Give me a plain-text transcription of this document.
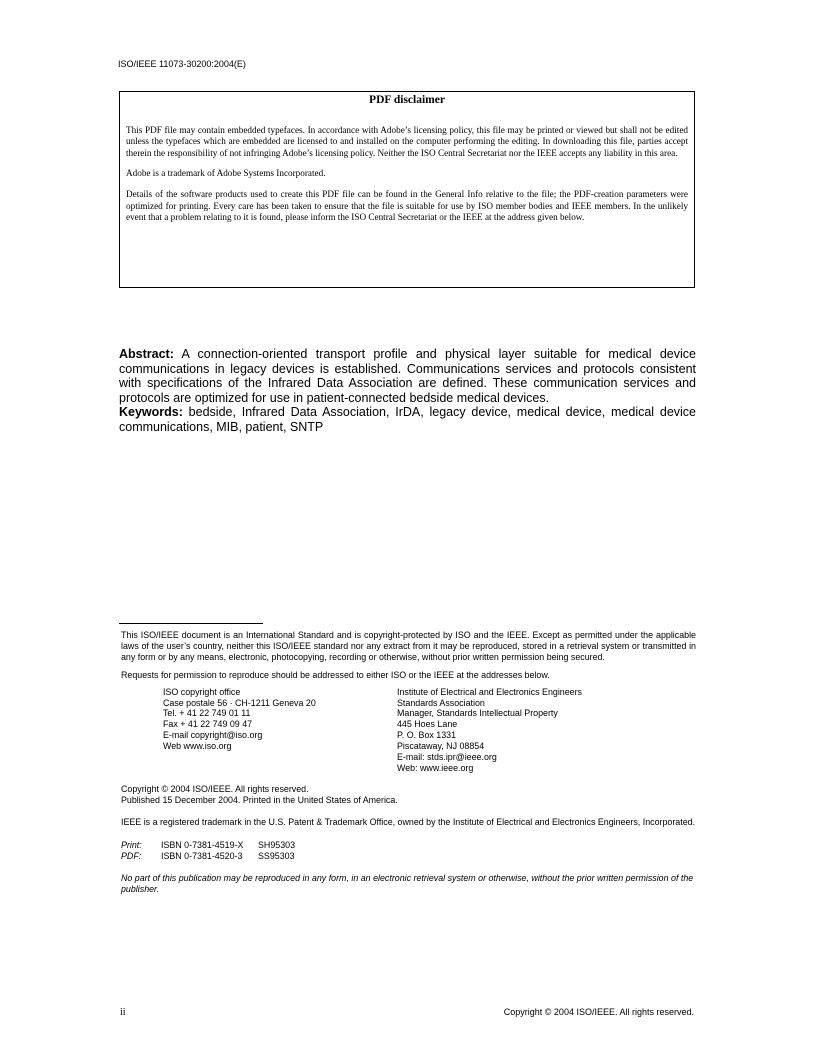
ISO/IEEE 11073-30200:2004(E)
PDF disclaimer

This PDF file may contain embedded typefaces. In accordance with Adobe’s licensing policy, this file may be printed or viewed but shall not be edited unless the typefaces which are embedded are licensed to and installed on the computer performing the editing. In downloading this file, parties accept therein the responsibility of not infringing Adobe’s licensing policy. Neither the ISO Central Secretariat nor the IEEE accepts any liability in this area.

Adobe is a trademark of Adobe Systems Incorporated.

Details of the software products used to create this PDF file can be found in the General Info relative to the file; the PDF-creation parameters were optimized for printing. Every care has been taken to ensure that the file is suitable for use by ISO member bodies and IEEE members. In the unlikely event that a problem relating to it is found, please inform the ISO Central Secretariat or the IEEE at the address given below.

Abstract: A connection-oriented transport profile and physical layer suitable for medical device communications in legacy devices is established. Communications services and protocols consistent with specifications of the Infrared Data Association are defined. These communication services and protocols are optimized for use in patient-connected bedside medical devices.

Keywords: bedside, Infrared Data Association, IrDA, legacy device, medical device, medical device communications, MIB, patient, SNTP

This ISO/IEEE document is an International Standard and is copyright-protected by ISO and the IEEE. Except as permitted under the applicable laws of the user’s country, neither this ISO/IEEE standard nor any extract from it may be reproduced, stored in a retrieval system or transmitted in any form or by any means, electronic, photocopying, recording or otherwise, without prior written permission being secured.

Requests for permission to reproduce should be addressed to either ISO or the IEEE at the addresses below.

ISO copyright office
Case postale 56 · CH-1211 Geneva 20
Tel. + 41 22 749 01 11
Fax + 41 22 749 09 47
E-mail copyright@iso.org
Web www.iso.org
Institute of Electrical and Electronics Engineers
Standards Association
Manager, Standards Intellectual Property
445 Hoes Lane
P. O. Box 1331
Piscataway, NJ 08854
E-mail: stds.ipr@ieee.org
Web: www.ieee.org

Copyright © 2004 ISO/IEEE. All rights reserved.

Published 15 December 2004. Printed in the United States of America.

IEEE is a registered trademark in the U.S. Patent & Trademark Office, owned by the Institute of Electrical and Electronics Engineers, Incorporated.

Print:	ISBN 0-7381-4519-X	SH95303
PDF:	ISBN 0-7381-4520-3	SS95303

No part of this publication may be reproduced in any form, in an electronic retrieval system or otherwise, without the prior written permission of the publisher.

ii	Copyright © 2004 ISO/IEEE. All rights reserved.
